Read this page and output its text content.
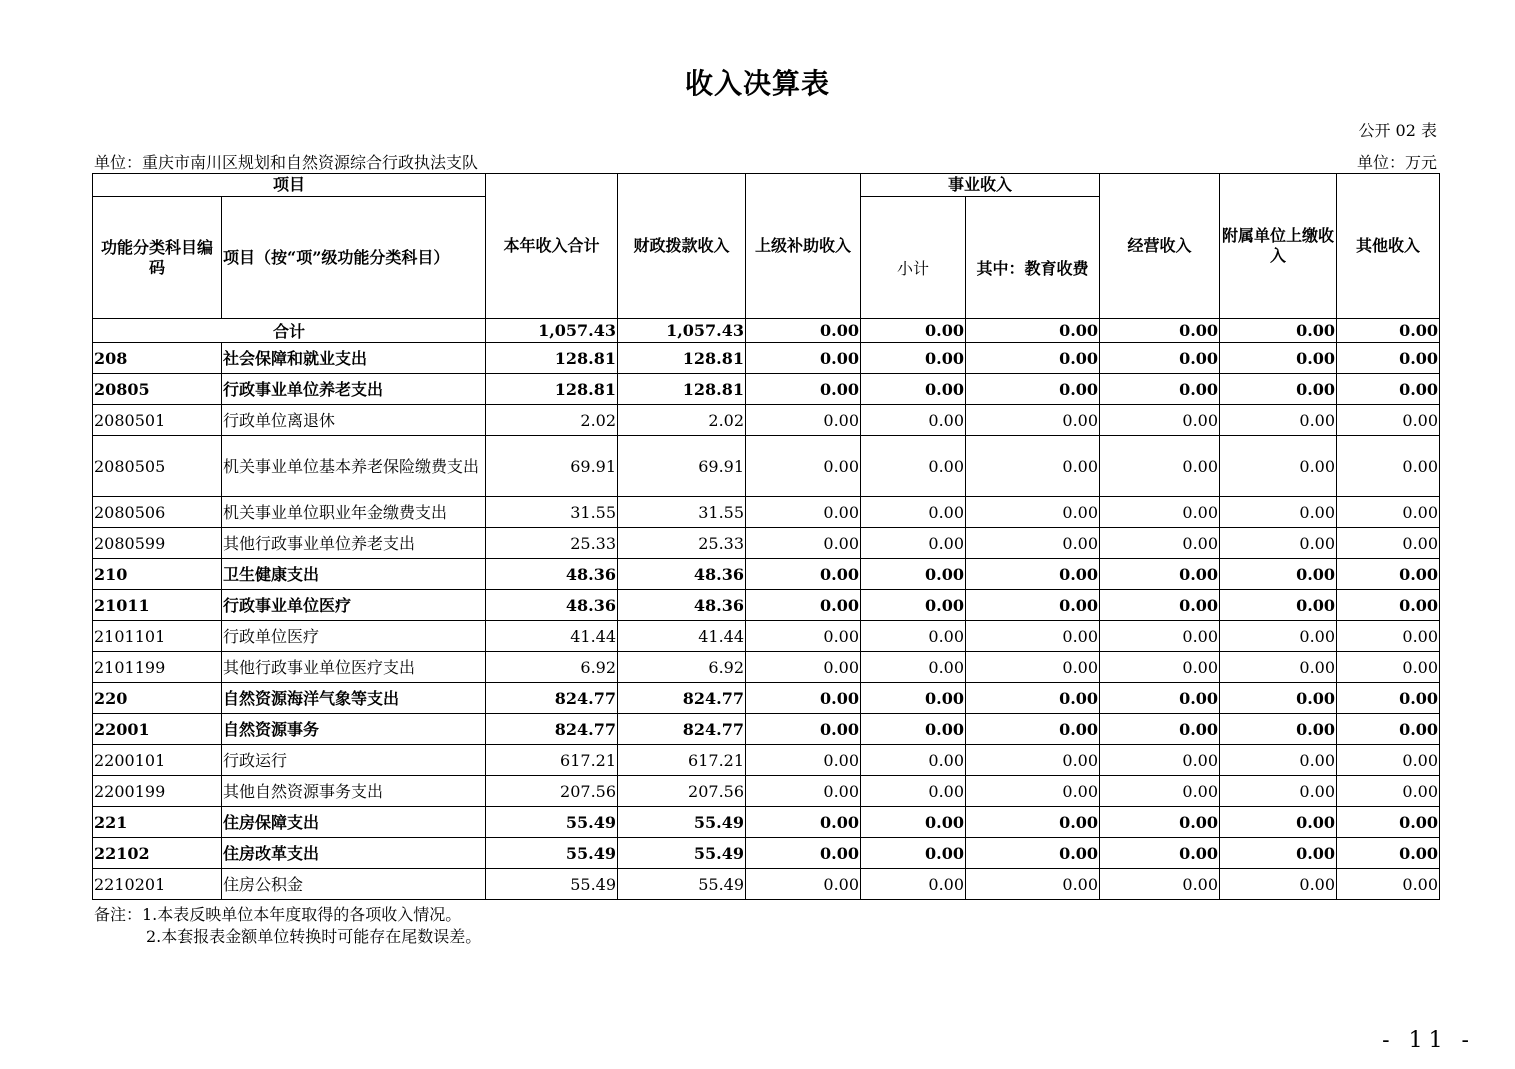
收入决算表
公开 02 表
单位：重庆市南川区规划和自然资源综合行政执法支队	单位：万元
项目		本年收入合计	财政拨款收入	上级补助收入	事业收入		经营收入	附属单位上缴收入	其他收入
功能分类科目编码	项目（按“项”级功能分类科目）				小计	其中：教育收费			
合计		1,057.43	1,057.43	0.00	0.00	0.00	0.00	0.00	0.00
208	社会保障和就业支出	128.81	128.81	0.00	0.00	0.00	0.00	0.00	0.00
20805	行政事业单位养老支出	128.81	128.81	0.00	0.00	0.00	0.00	0.00	0.00
2080501	行政单位离退休	2.02	2.02	0.00	0.00	0.00	0.00	0.00	0.00
2080505	机关事业单位基本养老保险缴费支出	69.91	69.91	0.00	0.00	0.00	0.00	0.00	0.00
2080506	机关事业单位职业年金缴费支出	31.55	31.55	0.00	0.00	0.00	0.00	0.00	0.00
2080599	其他行政事业单位养老支出	25.33	25.33	0.00	0.00	0.00	0.00	0.00	0.00
210	卫生健康支出	48.36	48.36	0.00	0.00	0.00	0.00	0.00	0.00
21011	行政事业单位医疗	48.36	48.36	0.00	0.00	0.00	0.00	0.00	0.00
2101101	行政单位医疗	41.44	41.44	0.00	0.00	0.00	0.00	0.00	0.00
2101199	其他行政事业单位医疗支出	6.92	6.92	0.00	0.00	0.00	0.00	0.00	0.00
220	自然资源海洋气象等支出	824.77	824.77	0.00	0.00	0.00	0.00	0.00	0.00
22001	自然资源事务	824.77	824.77	0.00	0.00	0.00	0.00	0.00	0.00
2200101	行政运行	617.21	617.21	0.00	0.00	0.00	0.00	0.00	0.00
2200199	其他自然资源事务支出	207.56	207.56	0.00	0.00	0.00	0.00	0.00	0.00
221	住房保障支出	55.49	55.49	0.00	0.00	0.00	0.00	0.00	0.00
22102	住房改革支出	55.49	55.49	0.00	0.00	0.00	0.00	0.00	0.00
2210201	住房公积金	55.49	55.49	0.00	0.00	0.00	0.00	0.00	0.00
备注：1.本表反映单位本年度取得的各项收入情况。
2.本套报表金额单位转换时可能存在尾数误差。
- 11 -
